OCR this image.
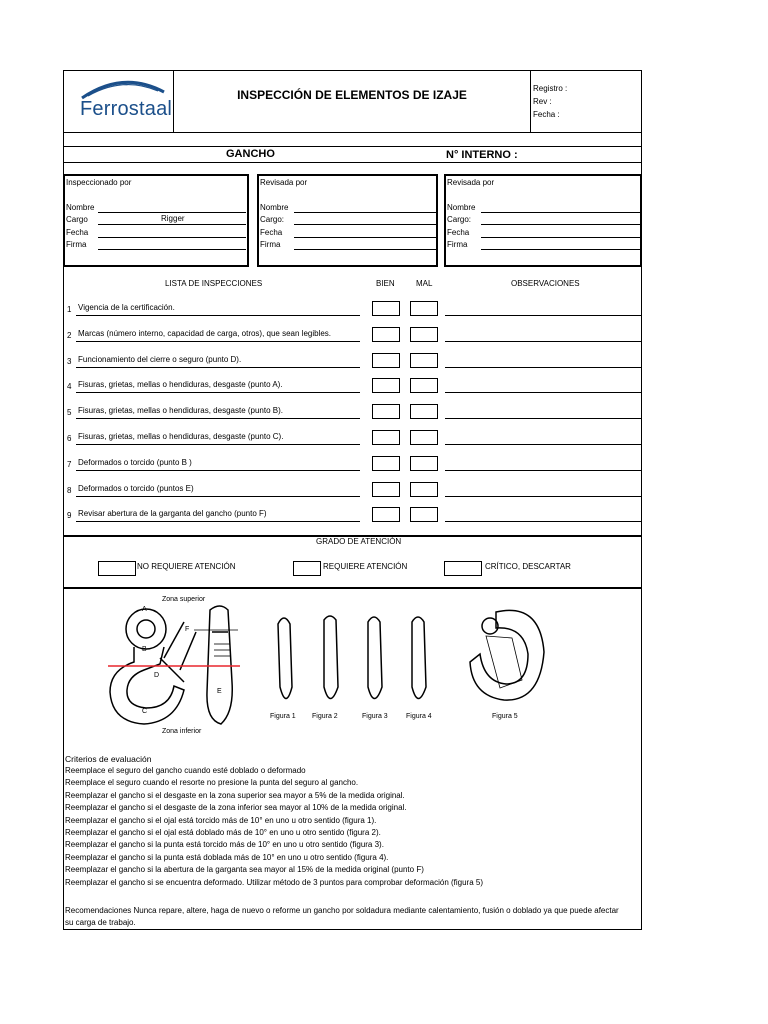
Ferrostaal
INSPECCIÓN DE ELEMENTOS DE IZAJE	Registro :
Rev :
Fecha :
GANCHO	N° INTERNO :
Inspeccionado por
Nombre
Cargo
Fecha
Firma
Rigger
Revisada por
Nombre
Cargo:
Fecha
Firma
Revisada por
Nombre
Cargo:
Fecha
Firma
LISTA DE INSPECCIONES	BIEN	MAL	OBSERVACIONES
1 Vigencia de la certificación.
2 Marcas (número interno, capacidad de carga, otros), que sean legibles.
3 Funcionamiento del cierre o seguro (punto D).
4 Fisuras, grietas, mellas o hendiduras, desgaste (punto A).
5 Fisuras, grietas, mellas o hendiduras, desgaste (punto B).
6 Fisuras, grietas, mellas o hendiduras, desgaste (punto C).
7 Deformados o torcido (punto B )
8 Deformados o torcido (puntos E)
9 Revisar abertura de la garganta del gancho (punto F)
GRADO DE ATENCIÓN
NO REQUIERE ATENCIÓN	REQUIERE ATENCIÓN	CRÍTICO, DESCARTAR
A
B
C
D
E
F
Zona superior
Zona inferior
Figura 1 Figura 2	Figura 3	Figura 4	Figura 5
Criterios de evaluación
Reemplace el seguro del gancho cuando esté doblado o deformado
Reemplace el seguro cuando el resorte no presione la punta del seguro al gancho.
Reemplazar el gancho si el desgaste en la zona superior sea mayor a 5% de la medida original.
Reemplazar el gancho si el desgaste de la zona inferior sea mayor al 10% de la medida original.
Reemplazar el gancho si el ojal está torcido más de 10° en uno u otro sentido (figura 1).
Reemplazar el gancho si el ojal está doblado más de 10° en uno u otro sentido (figura 2).
Reemplazar el gancho si la punta está torcido más de 10° en uno u otro sentido (figura 3).
Reemplazar el gancho si la punta está doblada más de 10° en uno u otro sentido (figura 4).
Reemplazar el gancho si la abertura de la garganta sea mayor al 15% de la medida original (punto F)
Reemplazar el gancho si se encuentra deformado. Utilizar método de 3 puntos para comprobar deformación (figura 5)
Recomendaciones Nunca repare, altere, haga de nuevo o reforme un gancho por soldadura mediante calentamiento, fusión o doblado ya que puede afectar
su carga de trabajo.
